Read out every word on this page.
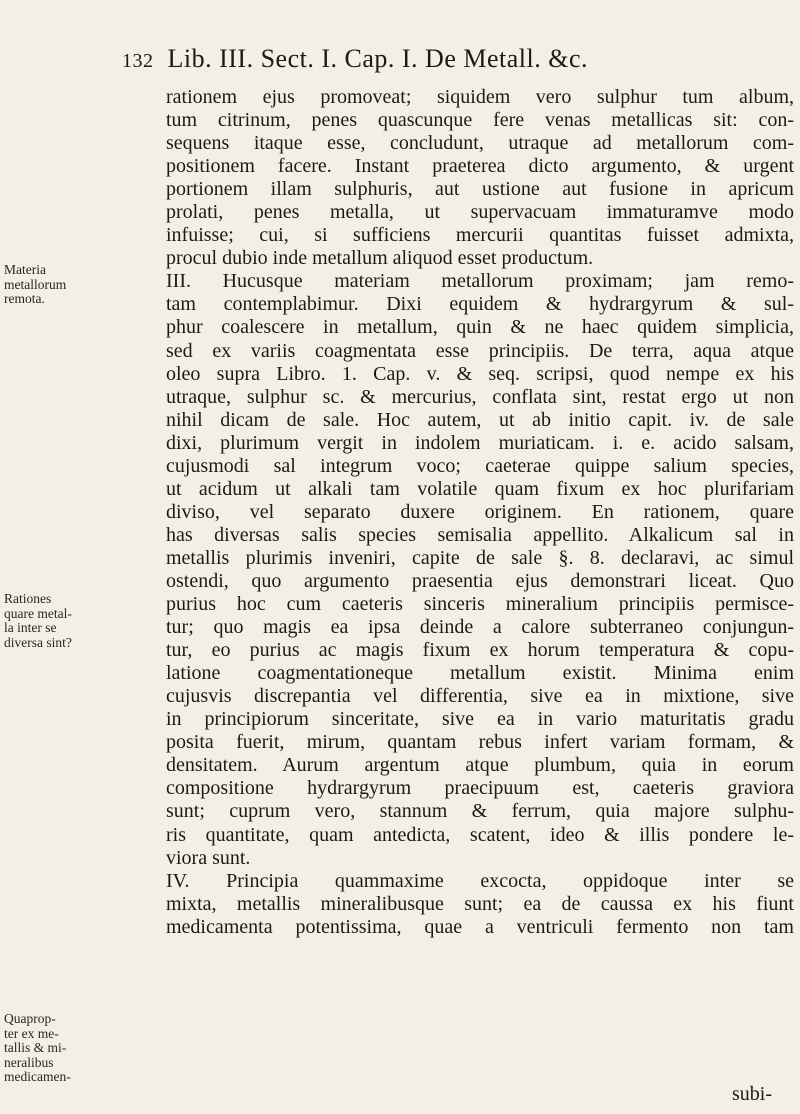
132 Lib. III. Sect. I. Cap. I. De Metall. &c.
Materia
metallorum
remota.
Rationes
quare metal-
la inter se
diversa sint?
Quaprop-
ter ex me-
tallis & mi-
neralibus
medicamen-
rationem ejus promoveat; siquidem vero sulphur tum album,
tum citrinum, penes quascunque fere venas metallicas sit: con-
sequens itaque esse, concludunt, utraque ad metallorum com-
positionem facere. Instant praeterea dicto argumento, & urgent
portionem illam sulphuris, aut ustione aut fusione in apricum
prolati, penes metalla, ut supervacuam immaturamve modo
infuisse; cui, si sufficiens mercurii quantitas fuisset admixta,
procul dubio inde metallum aliquod esset productum.
III. Hucusque materiam metallorum proximam; jam remo-
tam contemplabimur. Dixi equidem & hydrargyrum & sul-
phur coalescere in metallum, quin & ne haec quidem simplicia,
sed ex variis coagmentata esse principiis. De terra, aqua atque
oleo supra Libro. 1. Cap. v. & seq. scripsi, quod nempe ex his
utraque, sulphur sc. & mercurius, conflata sint, restat ergo ut non
nihil dicam de sale. Hoc autem, ut ab initio capit. iv. de sale
dixi, plurimum vergit in indolem muriaticam. i. e. acido salsam,
cujusmodi sal integrum voco; caeterae quippe salium species,
ut acidum ut alkali tam volatile quam fixum ex hoc plurifariam
diviso, vel separato duxere originem. En rationem, quare
has diversas salis species semisalia appellito. Alkalicum sal in
metallis plurimis inveniri, capite de sale §. 8. declaravi, ac simul
ostendi, quo argumento praesentia ejus demonstrari liceat. Quo
purius hoc cum caeteris sinceris mineralium principiis permisce-
tur; quo magis ea ipsa deinde a calore subterraneo conjungun-
tur, eo purius ac magis fixum ex horum temperatura & copu-
latione coagmentationeque metallum existit. Minima enim
cujusvis discrepantia vel differentia, sive ea in mixtione, sive
in principiorum sinceritate, sive ea in vario maturitatis gradu
posita fuerit, mirum, quantam rebus infert variam formam, &
densitatem. Aurum argentum atque plumbum, quia in eorum
compositione hydrargyrum praecipuum est, caeteris graviora
sunt; cuprum vero, stannum & ferrum, quia majore sulphu-
ris quantitate, quam antedicta, scatent, ideo & illis pondere le-
viora sunt.
IV. Principia quammaxime excocta, oppidoque inter se
mixta, metallis mineralibusque sunt; ea de caussa ex his fiunt
medicamenta potentissima, quae a ventriculi fermento non tam
subi-
